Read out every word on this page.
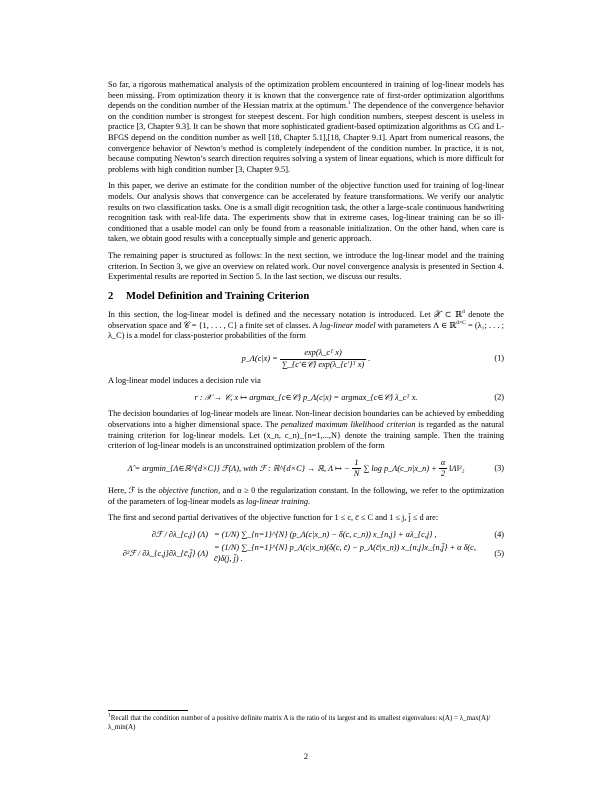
So far, a rigorous mathematical analysis of the optimization problem encountered in training of log-linear models has been missing. From optimization theory it is known that the convergence rate of first-order optimization algorithms depends on the condition number of the Hessian matrix at the optimum.$^1$ The dependence of the convergence behavior on the condition number is strongest for steepest descent. For high condition numbers, steepest descent is useless in practice [3, Chapter 9.3]. It can be shown that more sophisticated gradient-based optimization algorithms as CG and L-BFGS depend on the condition number as well [18, Chapter 5.1],[18, Chapter 9.1]. Apart from numerical reasons, the convergence behavior of Newton’s method is completely independent of the condition number. In practice, it is not, because computing Newton’s search direction requires solving a system of linear equations, which is more difficult for problems with high condition number [3, Chapter 9.5].

In this paper, we derive an estimate for the condition number of the objective function used for training of log-linear models. Our analysis shows that convergence can be accelerated by feature transformations. We verify our analytic results on two classification tasks. One is a small digit recognition task, the other a large-scale continuous handwriting recognition task with real-life data. The experiments show that in extreme cases, log-linear training can be so ill-conditioned that a usable model can only be found from a reasonable initialization. On the other hand, when care is taken, we obtain good results with a conceptually simple and generic approach.

The remaining paper is structured as follows: In the next section, we introduce the log-linear model and the training criterion. In Section 3, we give an overview on related work. Our novel convergence analysis is presented in Section 4. Experimental results are reported in Section 5. In the last section, we discuss our results.

2 Model Definition and Training Criterion

In this section, the log-linear model is defined and the necessary notation is introduced. Let 𝒳 ⊂ ℝ$^d$ denote the observation space and 𝒞 = {1, . . . , C} a finite set of classes. A log-linear model with parameters Λ ∈ ℝ$^{d\times C}$ = (λ₁; . . . ; λ_C) is a model for class-posterior probabilities of the form

p_Λ(c|x) = $\frac{\text{exp(λ\_cᵀ x)}}{\text{∑\_\{c′∈𝒞\} exp(λ\_\{c′\}ᵀ x)}}$ .	(1)

A log-linear model induces a decision rule via

r : 𝒳 → 𝒞, x ↦ argmax_{c∈𝒞} p_Λ(c|x) = argmax_{c∈𝒞} λ_cᵀ x.	(2)

The decision boundaries of log-linear models are linear. Non-linear decision boundaries can be achieved by embedding observations into a higher dimensional space. The penalized maximum likelihood criterion is regarded as the natural training criterion for log-linear models. Let (x_n, c_n)_{n=1,...,N} denote the training sample. Then the training criterion of log-linear models is an unconstrained optimization problem of the form

Λ̂ = argmin_{Λ∈ℝ^{d×C}} ℱ(Λ), with ℱ : ℝ^{d×C} → ℝ, Λ ↦ − $\frac{1}{N}$ ∑ log p_Λ(c_n|x_n) + $\frac{\alpha}{2}$ ‖Λ‖²₂	(3)

Here, ℱ is the objective function, and α ≥ 0 the regularization constant. In the following, we refer to the optimization of the parameters of log-linear models as log-linear training.

The first and second partial derivatives of the objective function for 1 ≤ c, c̄ ≤ C and 1 ≤ j, j̄ ≤ d are:

∂ℱ / ∂λ_{c,j} (Λ) = (1/N) ∑_{n=1}^{N} (p_Λ(c|x_n) − δ(c, c_n)) x_{n,j} + αλ_{c,j} ,	(4)
∂²ℱ / ∂λ_{c,j}∂λ_{c̄,j̄} (Λ)
= (1/N) ∑_{n=1}^{N} p_Λ(c|x_n)(δ(c, c̄) − p_Λ(c̄|x_n)) x_{n,j}x_{n,j̄} + α δ(c, c̄)δ(j, j̄) .
(5)
$^1$Recall that the condition number of a positive definite matrix A is the ratio of its largest and its smallest eigenvalues: κ(A) = λ_max(A)/λ_min(A)
2
